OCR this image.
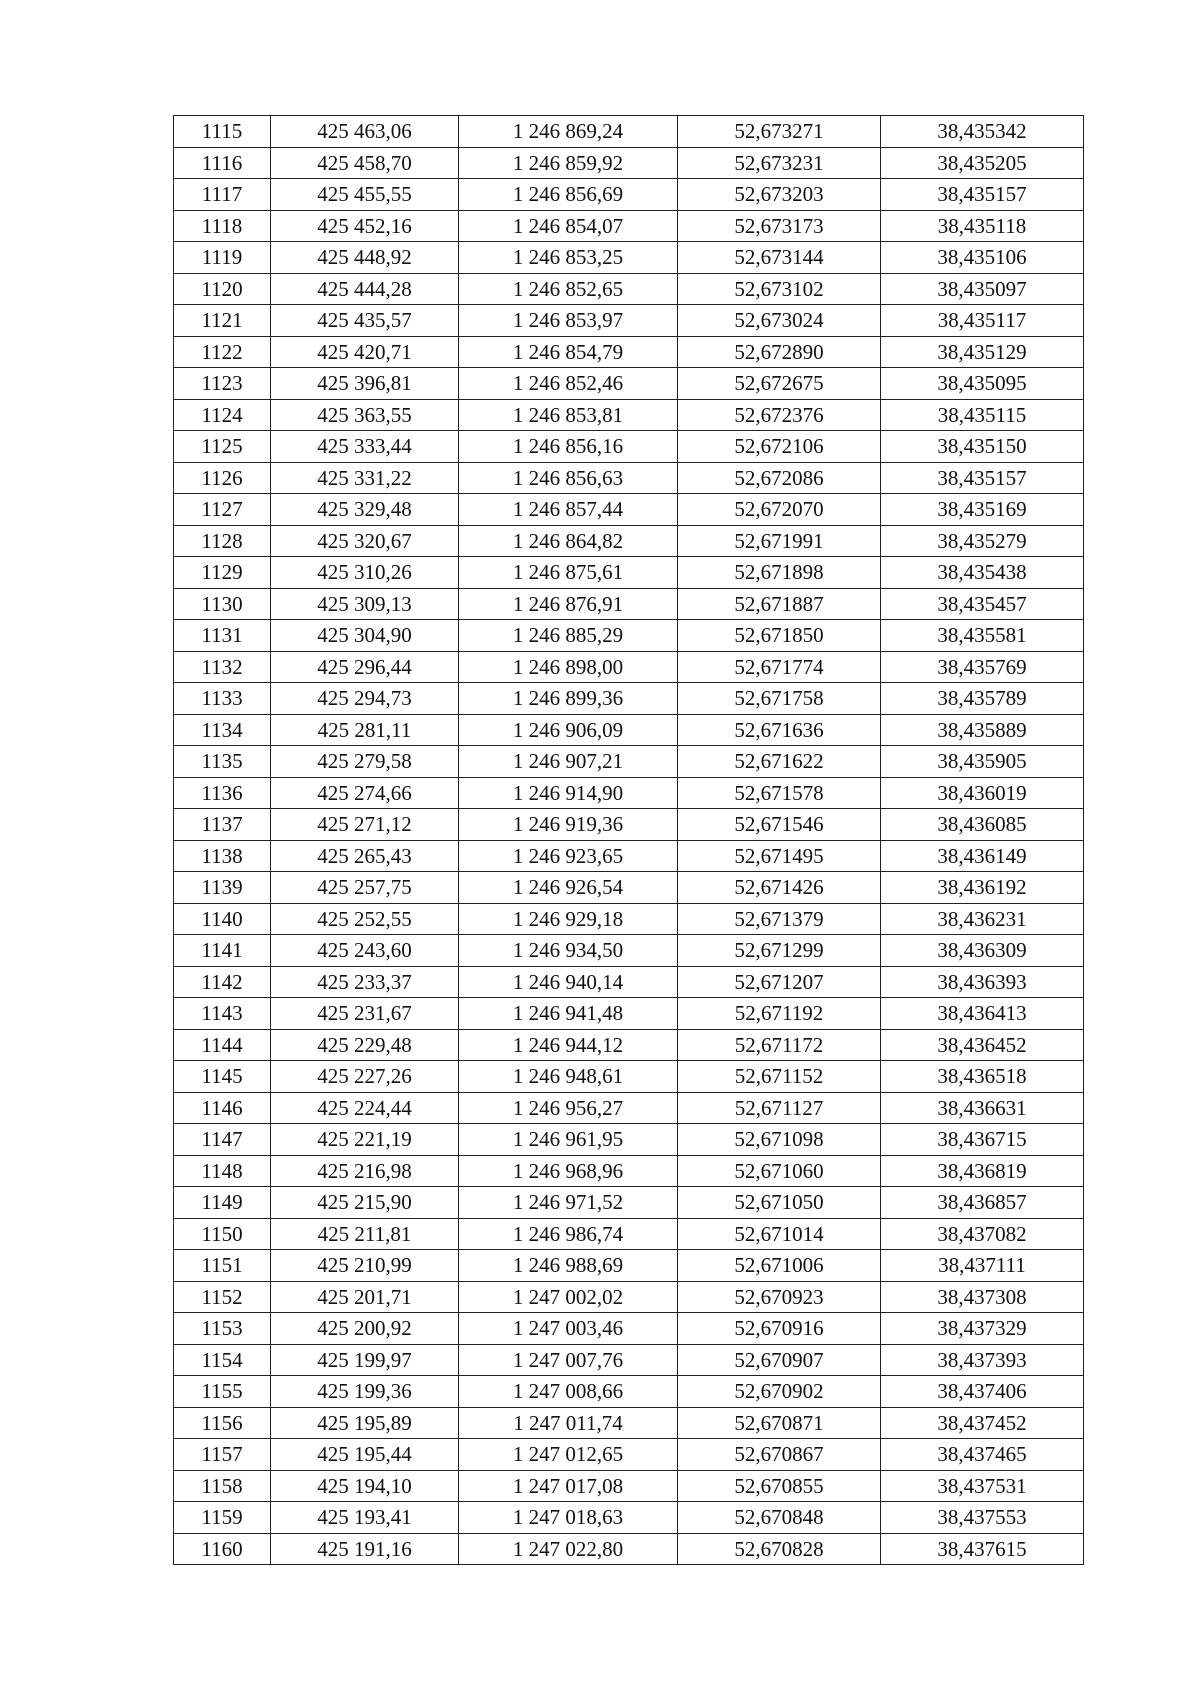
1115	425 463,06	1 246 869,24	52,673271	38,435342
1116	425 458,70	1 246 859,92	52,673231	38,435205
1117	425 455,55	1 246 856,69	52,673203	38,435157
1118	425 452,16	1 246 854,07	52,673173	38,435118
1119	425 448,92	1 246 853,25	52,673144	38,435106
1120	425 444,28	1 246 852,65	52,673102	38,435097
1121	425 435,57	1 246 853,97	52,673024	38,435117
1122	425 420,71	1 246 854,79	52,672890	38,435129
1123	425 396,81	1 246 852,46	52,672675	38,435095
1124	425 363,55	1 246 853,81	52,672376	38,435115
1125	425 333,44	1 246 856,16	52,672106	38,435150
1126	425 331,22	1 246 856,63	52,672086	38,435157
1127	425 329,48	1 246 857,44	52,672070	38,435169
1128	425 320,67	1 246 864,82	52,671991	38,435279
1129	425 310,26	1 246 875,61	52,671898	38,435438
1130	425 309,13	1 246 876,91	52,671887	38,435457
1131	425 304,90	1 246 885,29	52,671850	38,435581
1132	425 296,44	1 246 898,00	52,671774	38,435769
1133	425 294,73	1 246 899,36	52,671758	38,435789
1134	425 281,11	1 246 906,09	52,671636	38,435889
1135	425 279,58	1 246 907,21	52,671622	38,435905
1136	425 274,66	1 246 914,90	52,671578	38,436019
1137	425 271,12	1 246 919,36	52,671546	38,436085
1138	425 265,43	1 246 923,65	52,671495	38,436149
1139	425 257,75	1 246 926,54	52,671426	38,436192
1140	425 252,55	1 246 929,18	52,671379	38,436231
1141	425 243,60	1 246 934,50	52,671299	38,436309
1142	425 233,37	1 246 940,14	52,671207	38,436393
1143	425 231,67	1 246 941,48	52,671192	38,436413
1144	425 229,48	1 246 944,12	52,671172	38,436452
1145	425 227,26	1 246 948,61	52,671152	38,436518
1146	425 224,44	1 246 956,27	52,671127	38,436631
1147	425 221,19	1 246 961,95	52,671098	38,436715
1148	425 216,98	1 246 968,96	52,671060	38,436819
1149	425 215,90	1 246 971,52	52,671050	38,436857
1150	425 211,81	1 246 986,74	52,671014	38,437082
1151	425 210,99	1 246 988,69	52,671006	38,437111
1152	425 201,71	1 247 002,02	52,670923	38,437308
1153	425 200,92	1 247 003,46	52,670916	38,437329
1154	425 199,97	1 247 007,76	52,670907	38,437393
1155	425 199,36	1 247 008,66	52,670902	38,437406
1156	425 195,89	1 247 011,74	52,670871	38,437452
1157	425 195,44	1 247 012,65	52,670867	38,437465
1158	425 194,10	1 247 017,08	52,670855	38,437531
1159	425 193,41	1 247 018,63	52,670848	38,437553
1160	425 191,16	1 247 022,80	52,670828	38,437615
